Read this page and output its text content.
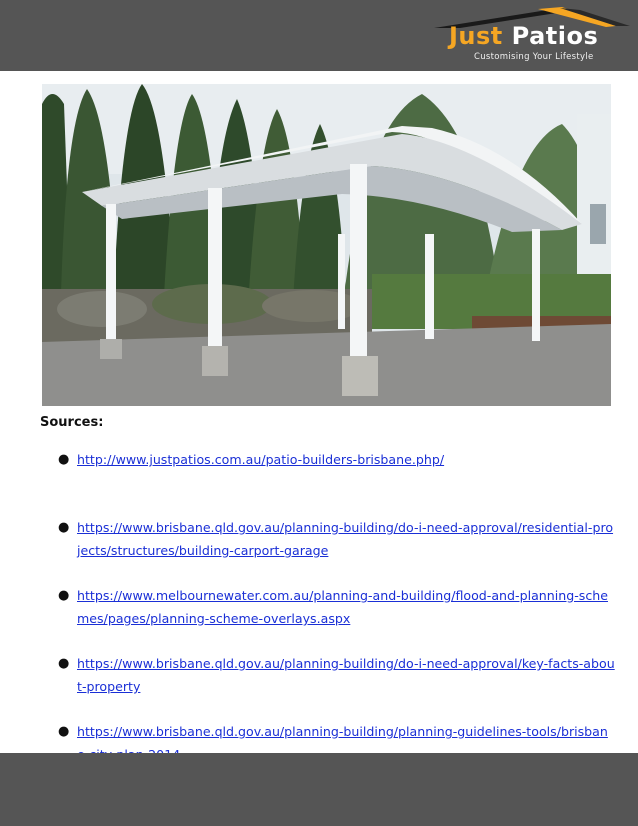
Just Patios
Customising Your Lifestyle
Sources:
● http://www.justpatios.com.au/patio-builders-brisbane.php/
● https://www.brisbane.qld.gov.au/planning-building/do-i-need-approval/residential-projects/structures/building-carport-garage
● https://www.melbournewater.com.au/planning-and-building/flood-and-planning-schemes/pages/planning-scheme-overlays.aspx
● https://www.brisbane.qld.gov.au/planning-building/do-i-need-approval/key-facts-about-property
● https://www.brisbane.qld.gov.au/planning-building/planning-guidelines-tools/brisban
